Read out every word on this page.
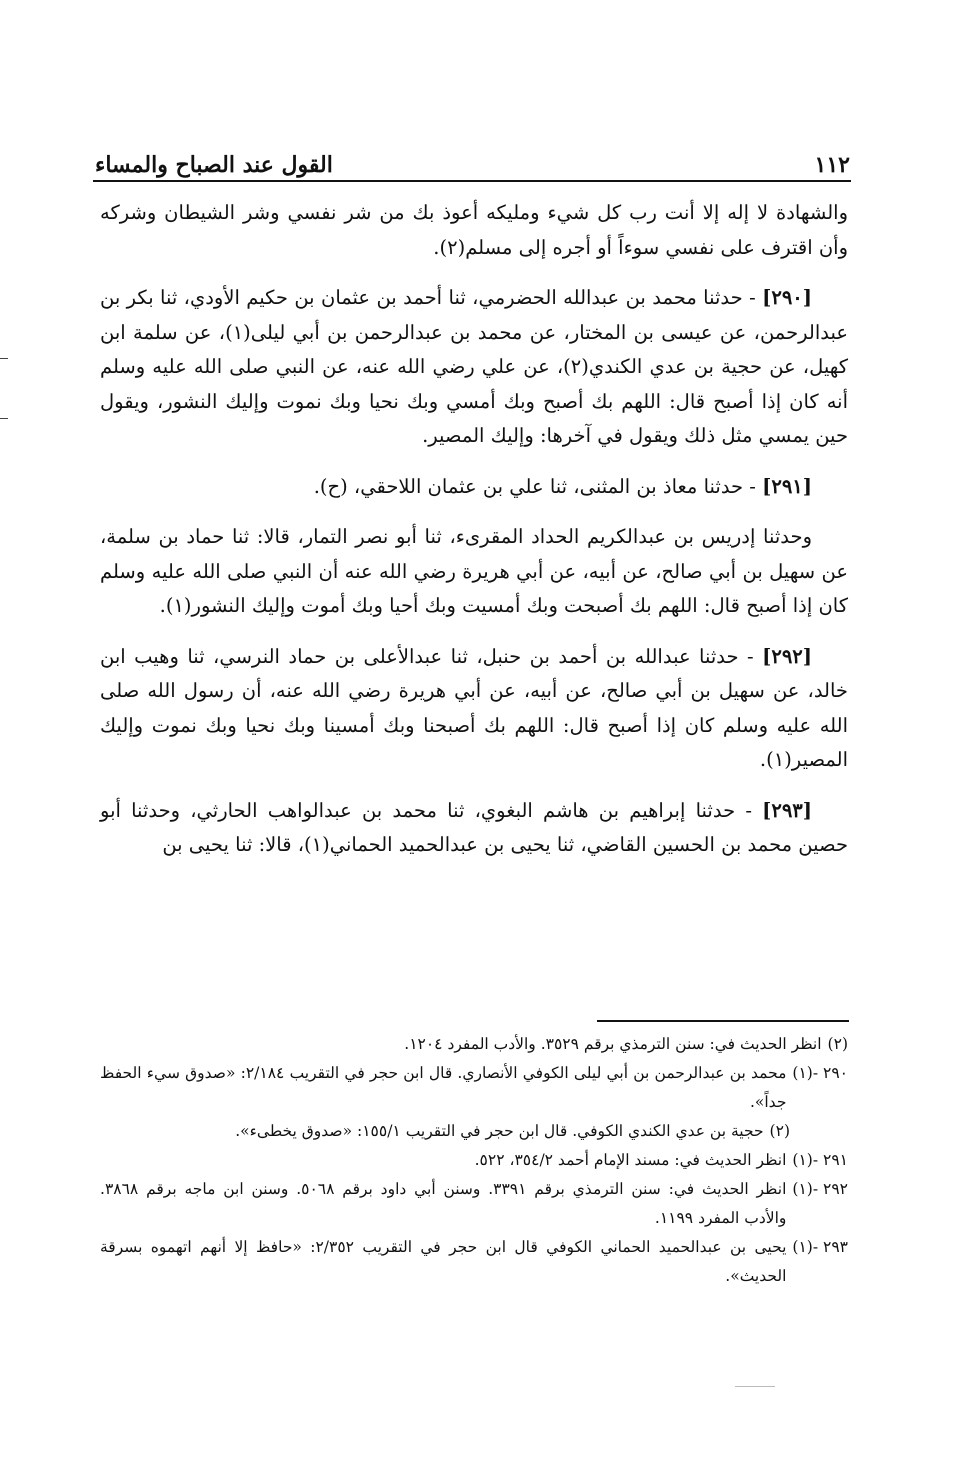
١١٢
القول عند الصباح والمساء

والشهادة لا إله إلا أنت رب كل شيء ومليكه أعوذ بك من شر نفسي وشر الشيطان وشركه وأن اقترف على نفسي سوءاً أو أجره إلى مسلم(٢).

[٢٩٠] - حدثنا محمد بن عبدالله الحضرمي، ثنا أحمد بن عثمان بن حكيم الأودي، ثنا بكر بن عبدالرحمن، عن عيسى بن المختار، عن محمد بن عبدالرحمن بن أبي ليلى(١)، عن سلمة ابن كهيل، عن حجية بن عدي الكندي(٢)، عن علي رضي الله عنه، عن النبي صلى الله عليه وسلم أنه كان إذا أصبح قال: اللهم بك أصبح وبك أمسي وبك نحيا وبك نموت وإليك النشور، ويقول حين يمسي مثل ذلك ويقول في آخرها: وإليك المصير.

[٢٩١] - حدثنا معاذ بن المثنى، ثنا علي بن عثمان اللاحقي، (ح).

وحدثنا إدريس بن عبدالكريم الحداد المقرىء، ثنا أبو نصر التمار، قالا: ثنا حماد بن سلمة، عن سهيل بن أبي صالح، عن أبيه، عن أبي هريرة رضي الله عنه أن النبي صلى الله عليه وسلم كان إذا أصبح قال: اللهم بك أصبحت وبك أمسيت وبك أحيا وبك أموت وإليك النشور(١).

[٢٩٢] - حدثنا عبدالله بن أحمد بن حنبل، ثنا عبدالأعلى بن حماد النرسي، ثنا وهيب ابن خالد، عن سهيل بن أبي صالح، عن أبيه، عن أبي هريرة رضي الله عنه، أن رسول الله صلى الله عليه وسلم كان إذا أصبح قال: اللهم بك أصبحنا وبك أمسينا وبك نحيا وبك نموت وإليك المصير(١).

[٢٩٣] - حدثنا إبراهيم بن هاشم البغوي، ثنا محمد بن عبدالواهب الحارثي، وحدثنا أبو حصين محمد بن الحسين القاضي، ثنا يحيى بن عبدالحميد الحماني(١)، قالا: ثنا يحيى بن

(٢)
انظر الحديث في: سنن الترمذي برقم ٣٥٢٩. والأدب المفرد ١٢٠٤.
٢٩٠ -(١)
محمد بن عبدالرحمن بن أبي ليلى الكوفي الأنصاري. قال ابن حجر في التقريب ٢/١٨٤: «صدوق سيء الحفظ جداً».
(٢)
حجية بن عدي الكندي الكوفي. قال ابن حجر في التقريب ١٥٥/١: «صدوق يخطىء».
٢٩١ -(١)
انظر الحديث في: مسند الإمام أحمد ٣٥٤/٢، ٥٢٢.
٢٩٢ -(١)
انظر الحديث في: سنن الترمذي برقم ٣٣٩١. وسنن أبي داود برقم ٥٠٦٨. وسنن ابن ماجه برقم ٣٨٦٨. والأدب المفرد ١١٩٩.
٢٩٣ -(١)
يحيى بن عبدالحميد الحماني الكوفي قال ابن حجر في التقريب ٢/٣٥٢: «حافظ إلا أنهم اتهموه بسرقة الحديث».
